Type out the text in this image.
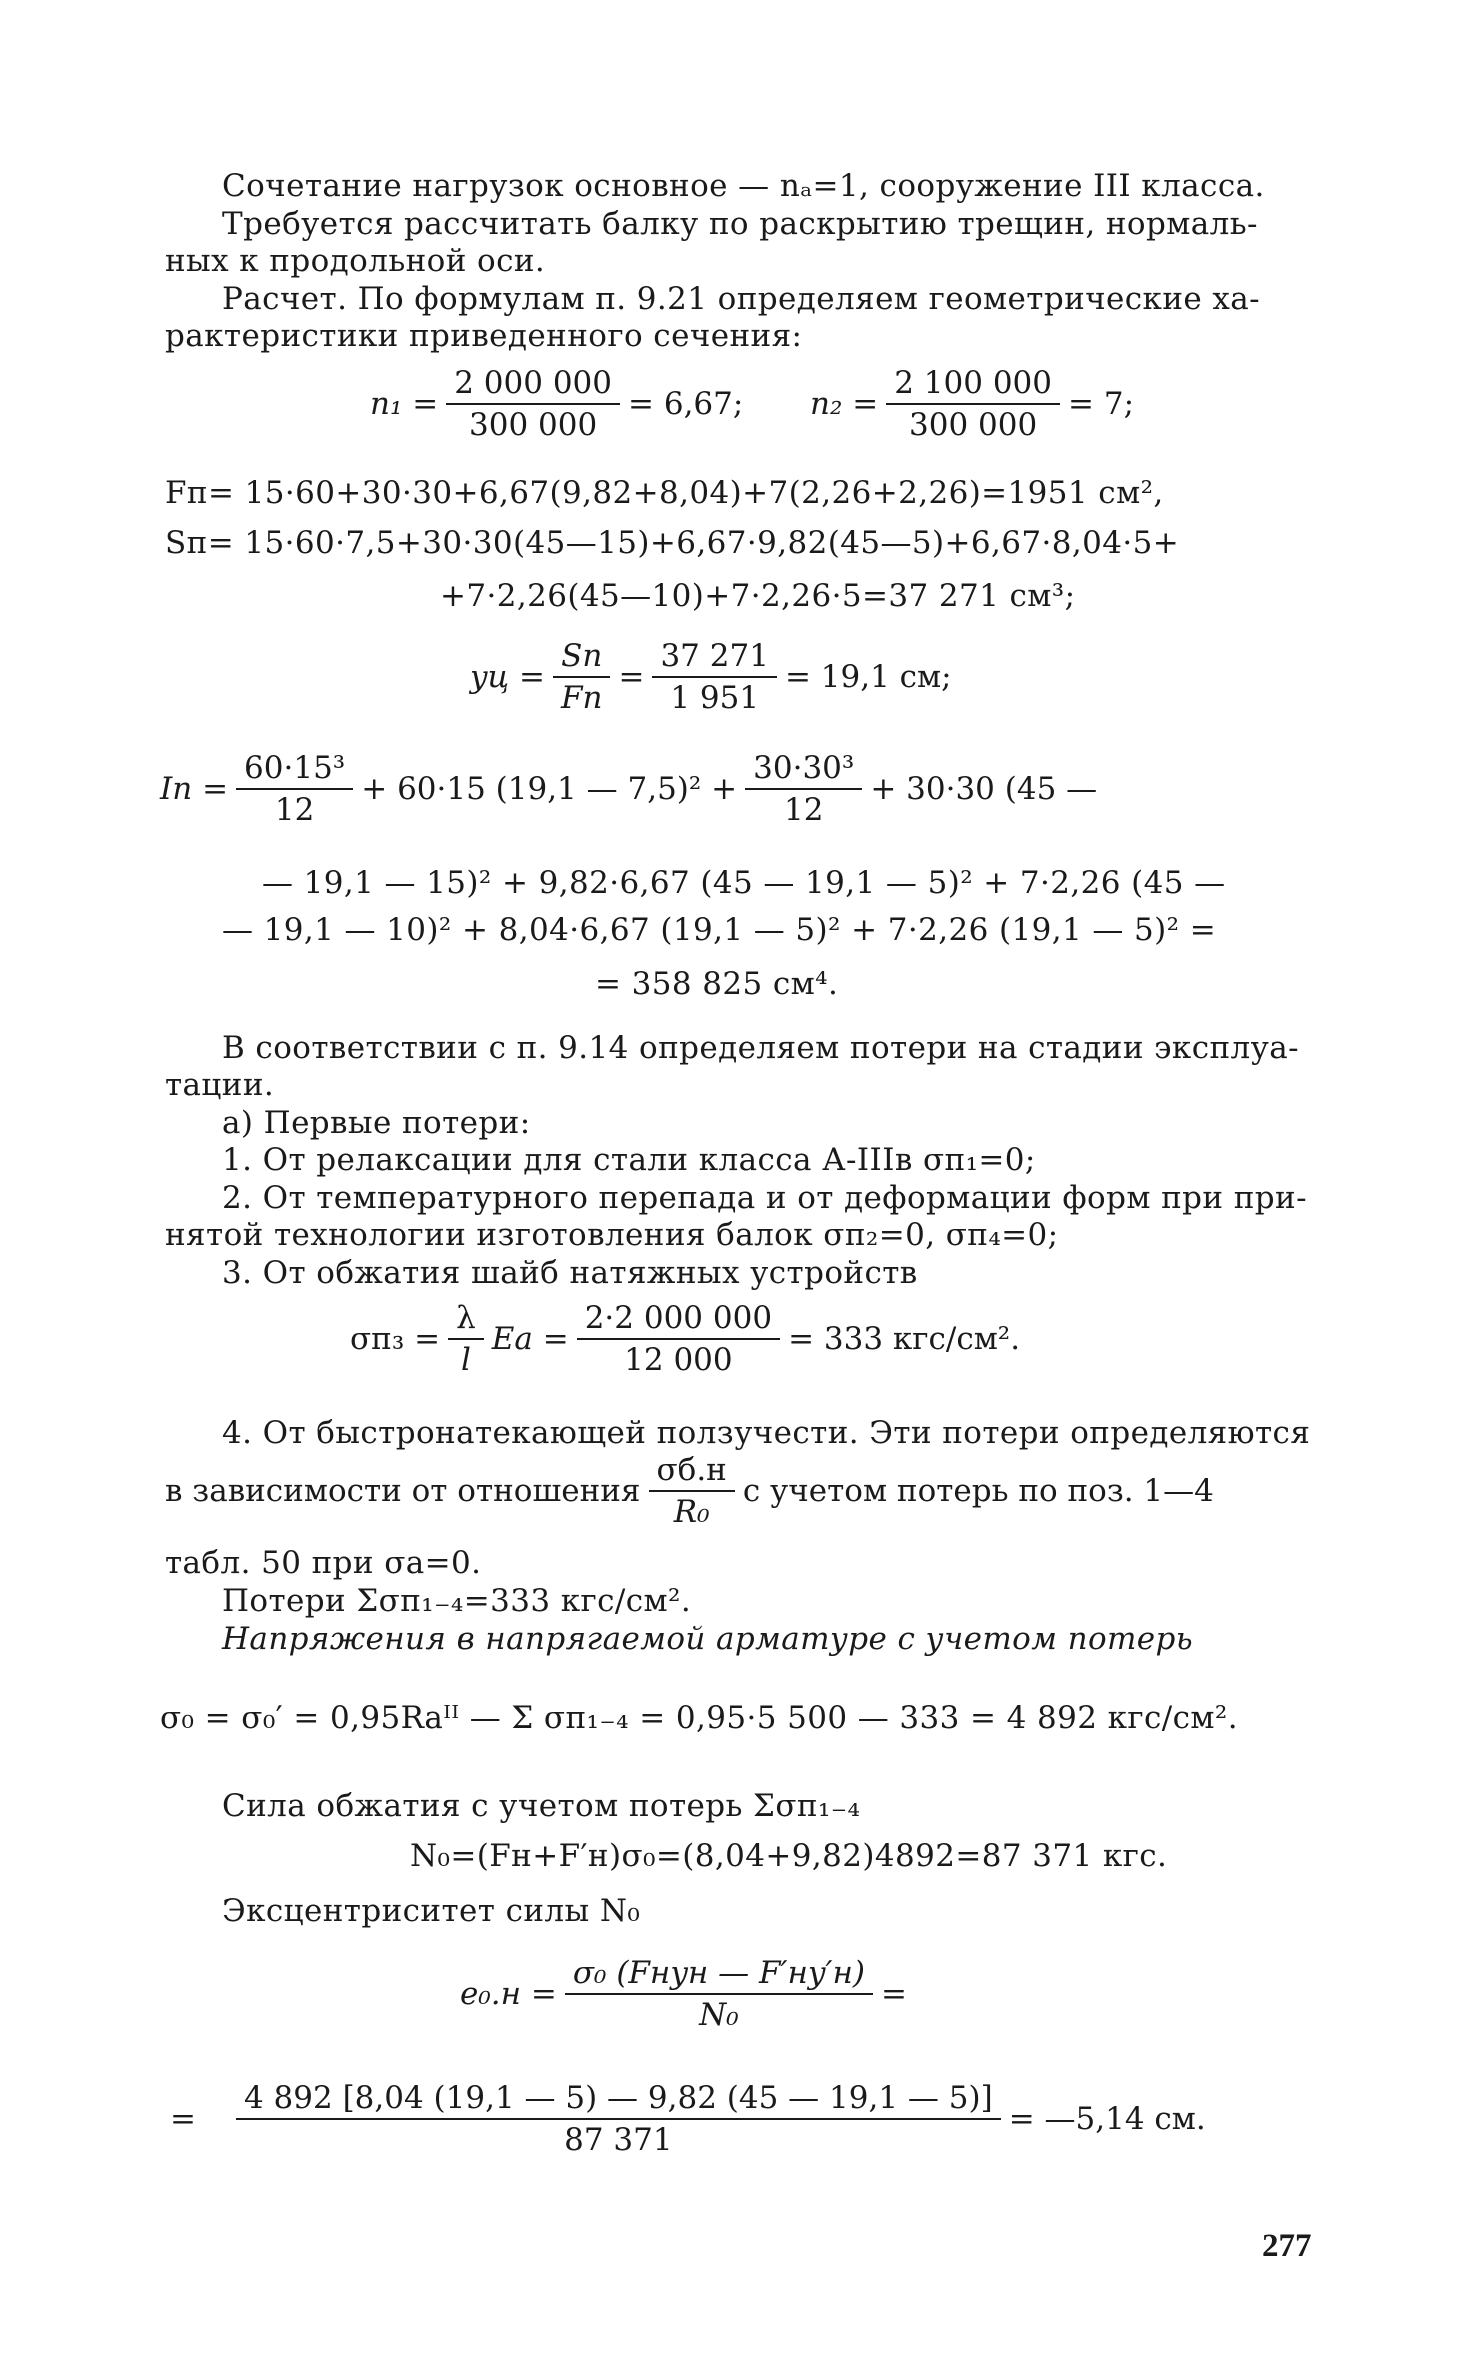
Сочетание нагрузок основное — nₐ=1, сооружение III класса.
Требуется рассчитать балку по раскрытию трещин, нормаль-
ных к продольной оси.
Расчет. По формулам п. 9.21 определяем геометрические ха-
рактеристики приведенного сечения:
$n_1 = \frac{2 000 000}{300 000} = 6,67$; $n_2 = \frac{2 100 000}{300 000} = 7$;
Fп= 15·60+30·30+6,67(9,82+8,04)+7(2,26+2,26)=1951 см²,
Sп= 15·60·7,5+30·30(45—15)+6,67·9,82(45—5)+6,67·8,04·5+
+7·2,26(45—10)+7·2,26·5=37 271 см³;
yц = $\frac{Sп}{Fп} = \frac{37 271}{1 951} = 19,1$ см;
Iп = $\frac{\text{60·15³}}{12} + 60\cdot 15$ (19,1 — $7,5)^2 + \frac{\text{30·30³}}{12} + 30\cdot 30$ (45 —
— 19,1 — 15)² + 9,82·6,67 (45 — 19,1 — 5)² + 7·2,26 (45 —
— 19,1 — 10)² + 8,04·6,67 (19,1 — 5)² + 7·2,26 (19,1 — 5)² =
= 358 825 см⁴.
В соответствии с п. 9.14 определяем потери на стадии эксплуа-
тации.
а) Первые потери:
1. От релаксации для стали класса А-IIIв σп₁=0;
2. От температурного перепада и от деформации форм при при-
нятой технологии изготовления балок σп₂=0, σп₄=0;
3. От обжатия шайб натяжных устройств
$\sigma п_3 = \frac{\lambda}{l}$ Eа = $\frac{2\cdot 2 000 000}{12 000} = 333$ кгс/см².
4. От быстронатекающей ползучести. Эти потери определяются
в зависимости от отношения $\frac{\sigma б.н}{\text{R₀}}$ с учетом потерь по поз. 1—4
табл. 50 при σа=0.
Потери Σσп₁₋₄=333 кгс/см².
Напряжения в напрягаемой арматуре с учетом потерь
σ₀ = σ₀′ = 0,95Rаᴵᴵ — Σ σп₁₋₄ = 0,95·5 500 — 333 = 4 892 кгс/см².
Сила обжатия с учетом потерь Σσп₁₋₄
N₀=(Fн+F′н)σ₀=(8,04+9,82)4892=87 371 кгс.
Эксцентриситет силы N₀
$e_0.н = \frac{\text{σ₀ (Fнyн — F′нy′н)}}{\text{N₀}}$ =
= $\frac{4 892 [8,04 (19,1 — 5) — 9,82 (45 — 19,1 — 5)]}{87 371}$ = —5,14 см.
277
